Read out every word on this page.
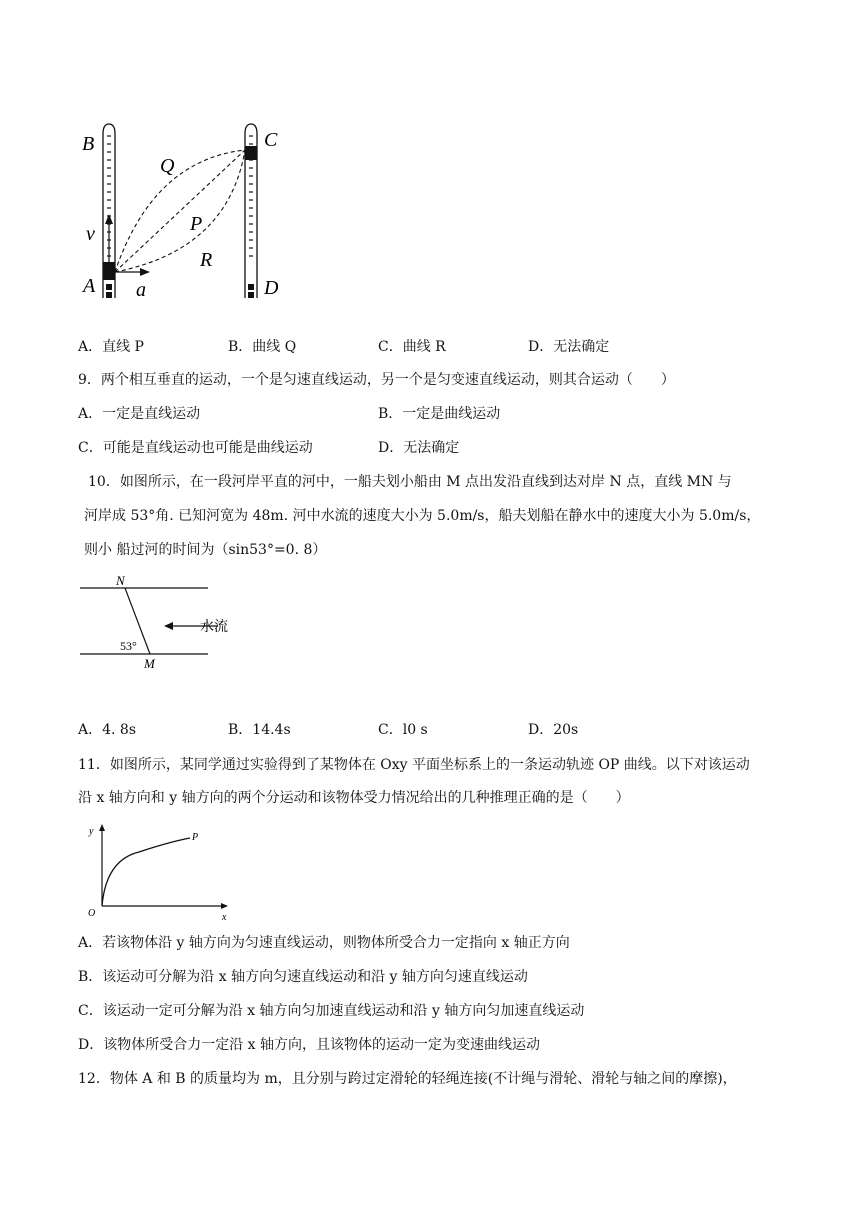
B	C
A	D
Q
P
R
v
a
A．直线 P	B．曲线 Q	C．曲线 R	D．无法确定
9．两个相互垂直的运动，一个是匀速直线运动，另一个是匀变速直线运动，则其合运动（　　）
A．一定是直线运动	B．一定是曲线运动
C．可能是直线运动也可能是曲线运动	D．无法确定
10．如图所示，在一段河岸平直的河中，一船夫划小船由 M 点出发沿直线到达对岸 N 点，直线 MN 与
河岸成 53°角. 已知河宽为 48m. 河中水流的速度大小为 5.0m/s，船夫划船在静水中的速度大小为 5.0m/s，
则小 船过河的时间为（sin53°=0. 8）
N
M
53°
水流
A．4. 8s	B．14.4s	C．l0 s	D．20s
11．如图所示，某同学通过实验得到了某物体在 Oxy 平面坐标系上的一条运动轨迹 OP 曲线。以下对该运动
沿 x 轴方向和 y 轴方向的两个分运动和该物体受力情况给出的几种推理正确的是（　　）
y
x
O
P
A．若该物体沿 y 轴方向为匀速直线运动，则物体所受合力一定指向 x 轴正方向
B．该运动可分解为沿 x 轴方向匀速直线运动和沿 y 轴方向匀速直线运动
C．该运动一定可分解为沿 x 轴方向匀加速直线运动和沿 y 轴方向匀加速直线运动
D．该物体所受合力一定沿 x 轴方向，且该物体的运动一定为变速曲线运动
12．物体 A 和 B 的质量均为 m，且分别与跨过定滑轮的轻绳连接(不计绳与滑轮、滑轮与轴之间的摩擦)，
